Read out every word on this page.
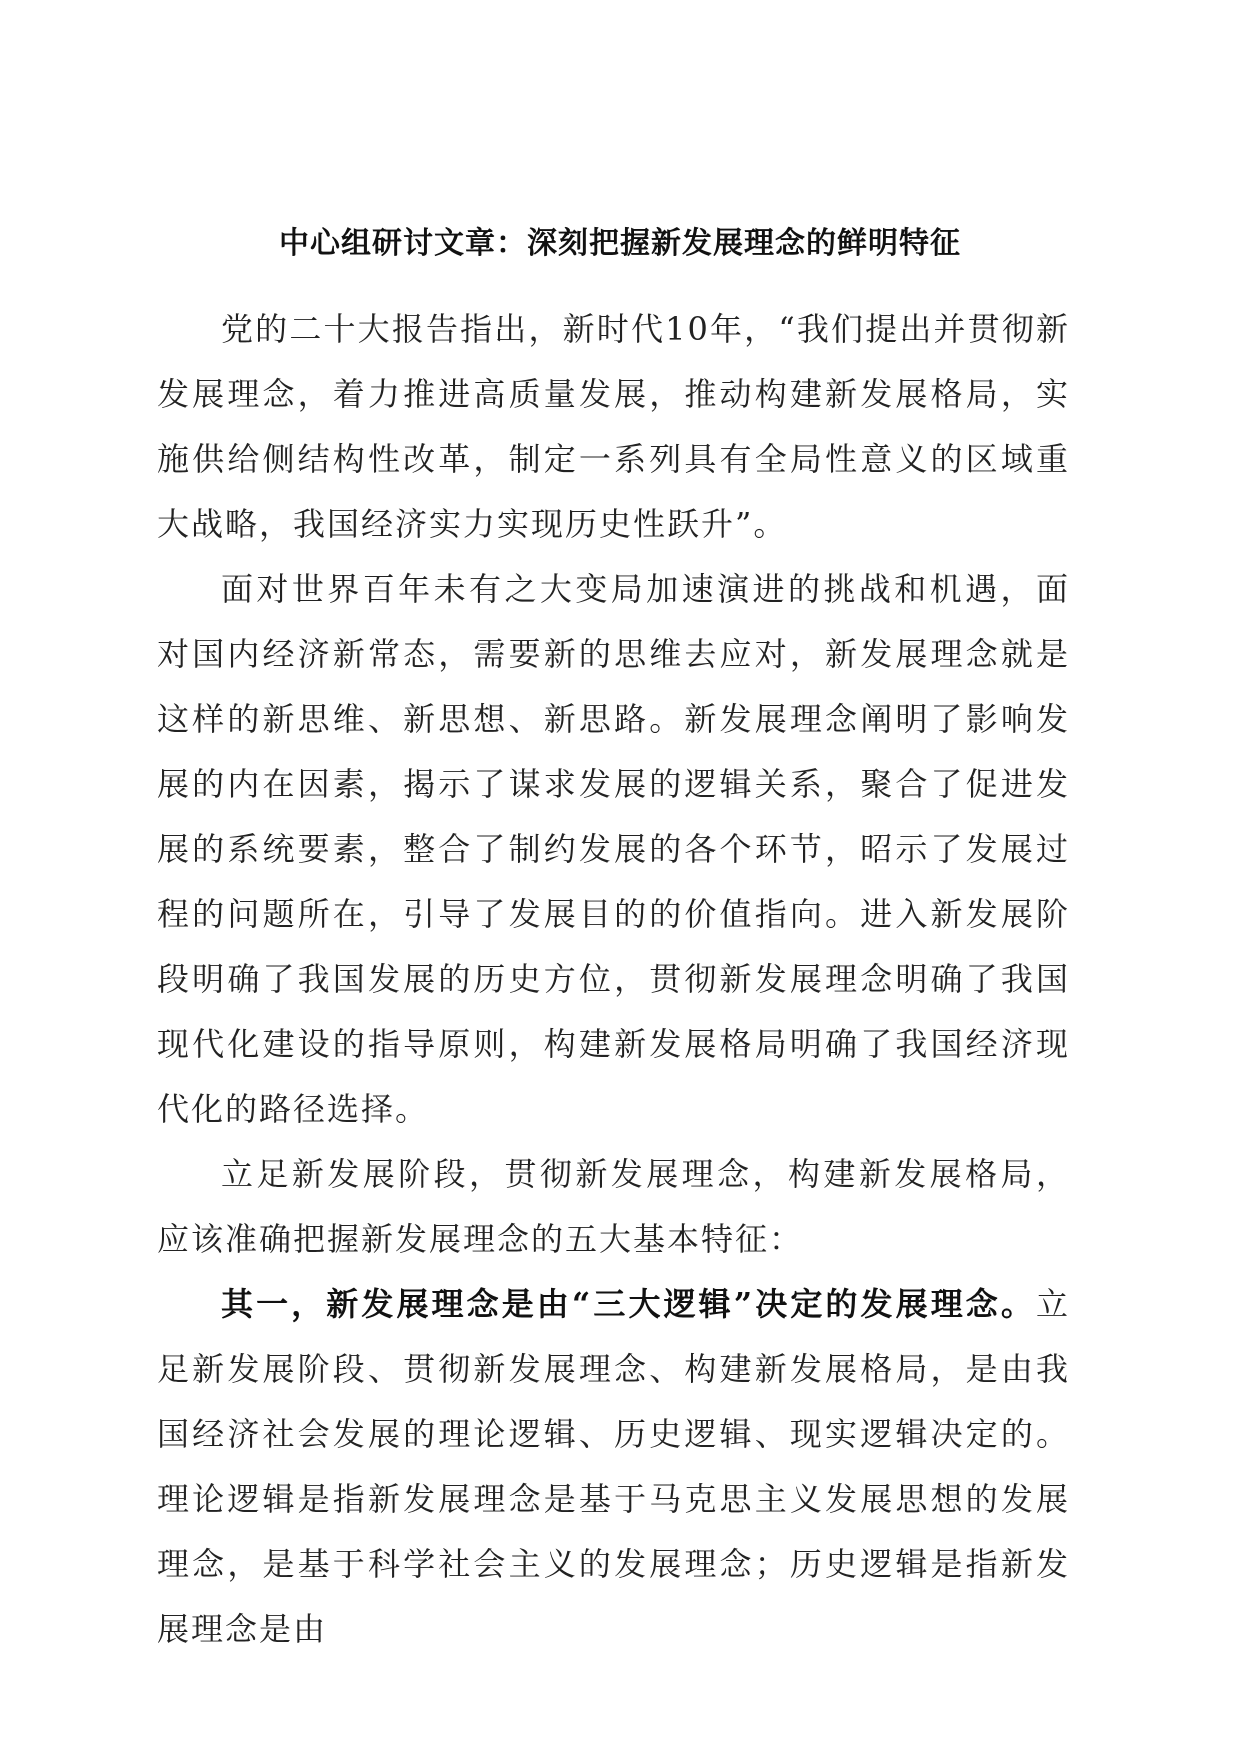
中心组研讨文章：深刻把握新发展理念的鲜明特征

党的二十大报告指出，新时代10年，“我们提出并贯彻新发展理念，着力推进高质量发展，推动构建新发展格局，实施供给侧结构性改革，制定一系列具有全局性意义的区域重大战略，我国经济实力实现历史性跃升”。

面对世界百年未有之大变局加速演进的挑战和机遇，面对国内经济新常态，需要新的思维去应对，新发展理念就是这样的新思维、新思想、新思路。新发展理念阐明了影响发展的内在因素，揭示了谋求发展的逻辑关系，聚合了促进发展的系统要素，整合了制约发展的各个环节，昭示了发展过程的问题所在，引导了发展目的的价值指向。进入新发展阶段明确了我国发展的历史方位，贯彻新发展理念明确了我国现代化建设的指导原则，构建新发展格局明确了我国经济现代化的路径选择。

立足新发展阶段，贯彻新发展理念，构建新发展格局，应该准确把握新发展理念的五大基本特征：

其一，新发展理念是由“三大逻辑”决定的发展理念。立足新发展阶段、贯彻新发展理念、构建新发展格局，是由我国经济社会发展的理论逻辑、历史逻辑、现实逻辑决定的。理论逻辑是指新发展理念是基于马克思主义发展思想的发展理念，是基于科学社会主义的发展理念；历史逻辑是指新发展理念是由
